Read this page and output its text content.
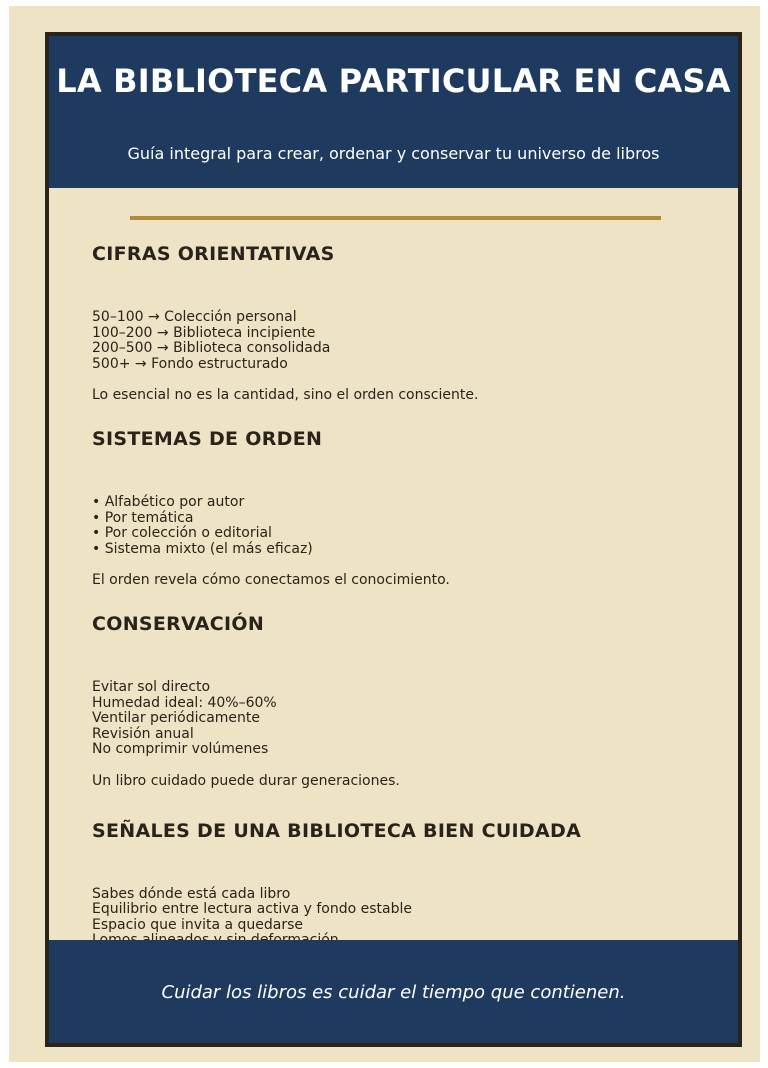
LA BIBLIOTECA PARTICULAR EN CASA
Guía integral para crear, ordenar y conservar tu universo de libros
CIFRAS ORIENTATIVAS
50–100 → Colección personal
100–200 → Biblioteca incipiente
200–500 → Biblioteca consolidada
500+ → Fondo estructurado

Lo esencial no es la cantidad, sino el orden consciente.

SISTEMAS DE ORDEN
• Alfabético por autor
• Por temática
• Por colección o editorial
• Sistema mixto (el más eficaz)

El orden revela cómo conectamos el conocimiento.

CONSERVACIÓN
Evitar sol directo
Humedad ideal: 40%–60%
Ventilar periódicamente
Revisión anual
No comprimir volúmenes

Un libro cuidado puede durar generaciones.

SEÑALES DE UNA BIBLIOTECA BIEN CUIDADA
Sabes dónde está cada libro
Equilibrio entre lectura activa y fondo estable
Espacio que invita a quedarse

Cuidar los libros es cuidar el tiempo que contienen.
